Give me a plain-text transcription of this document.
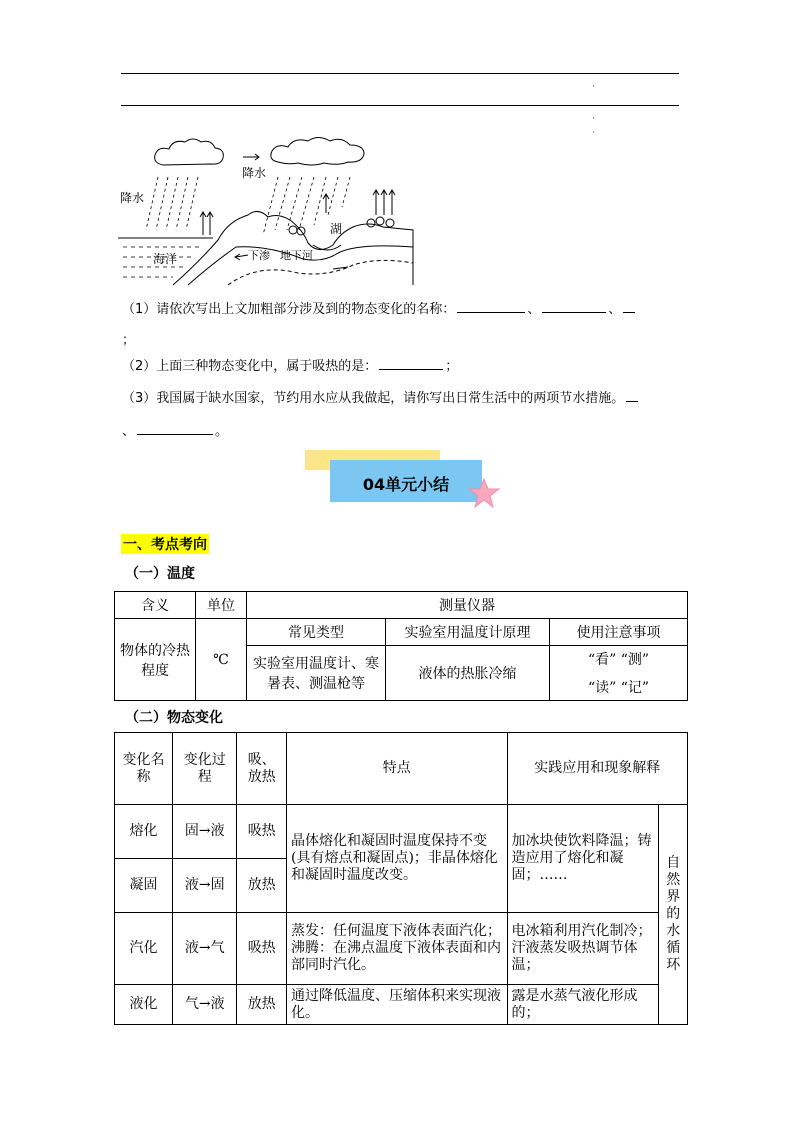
·
·
·
降水
降水
海洋
湖
下渗 地下河
（1）请依次写出上文加粗部分涉及到的物态变化的名称：	、	、
；
（2）上面三种物态变化中，属于吸热的是：	；
（3）我国属于缺水国家，节约用水应从我做起，请你写出日常生活中的两项节水措施。
、	。
04单元小结
一、考点考向
（一）温度
含义	单位	测量仪器		
物体的冷热程度	℃	常见类型	实验室用温度计原理	使用注意事项
		实验室用温度计、寒暑表、测温枪等	液体的热胀冷缩	“看” “测”
“读” “记”
（二）物态变化
变化名称	变化过程	吸、放热	特点	实践应用和现象解释	
熔化	固→液	吸热	晶体熔化和凝固时温度保持不变(具有熔点和凝固点)；非晶体熔化和凝固时温度改变。	加冰块使饮料降温；铸造应用了熔化和凝固；……	自然界的水循环
凝固	液→固	放热			
汽化	液→气	吸热	蒸发：任何温度下液体表面汽化；沸腾：在沸点温度下液体表面和内部同时汽化。	电冰箱利用汽化制冷；汗液蒸发吸热调节体温；	
液化	气→液	放热	通过降低温度、压缩体积来实现液化。	露是水蒸气液化形成的；	
